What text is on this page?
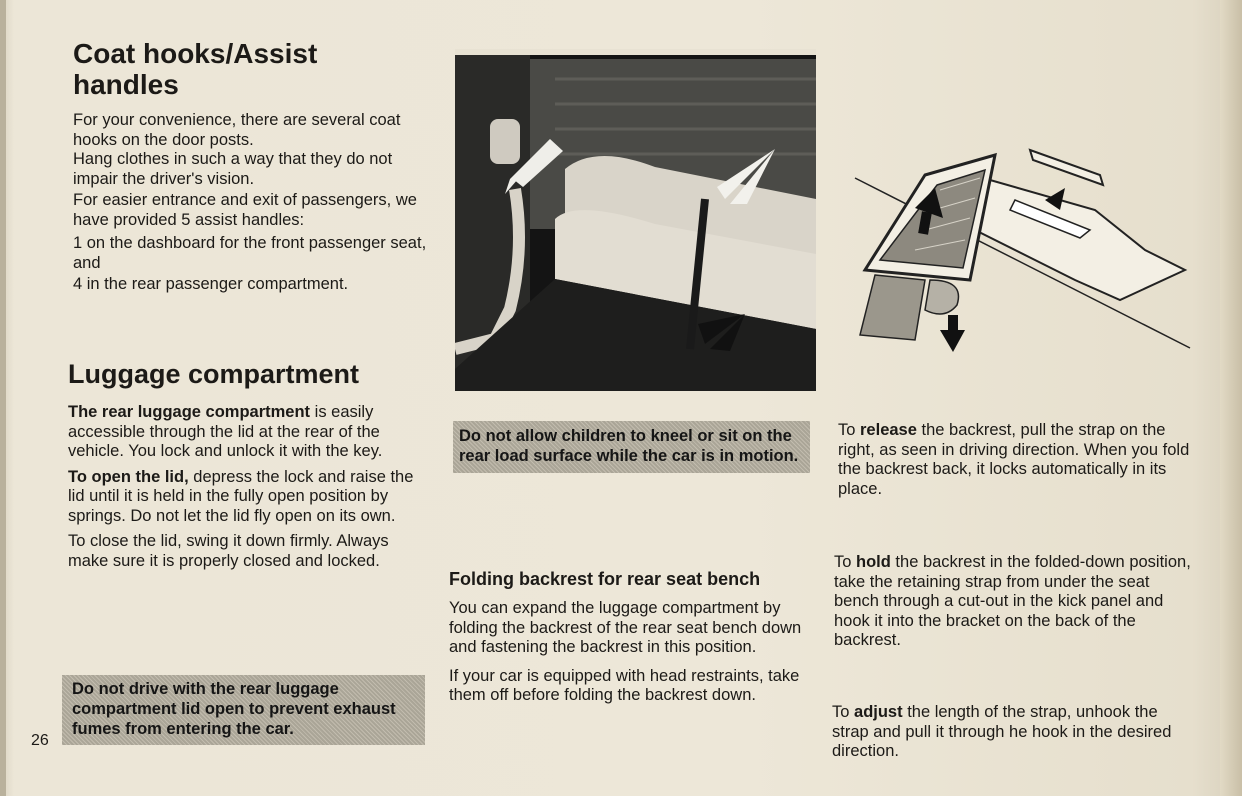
Coat hooks/Assist handles

For your convenience, there are several coat hooks on the door posts.

Hang clothes in such a way that they do not impair the driver's vision.

For easier entrance and exit of passengers, we have provided 5 assist handles:

1 on the dashboard for the front passenger seat, and

4 in the rear passenger compartment.

Luggage compartment

The rear luggage compartment is easily accessible through the lid at the rear of the vehicle. You lock and unlock it with the key.

To open the lid, depress the lock and raise the lid until it is held in the fully open position by springs. Do not let the lid fly open on its own.

To close the lid, swing it down firmly. Always make sure it is properly closed and locked.

Do not drive with the rear luggage compartment lid open to prevent exhaust fumes from entering the car.
26
Do not allow children to kneel or sit on the rear load surface while the car is in motion.
Folding backrest for rear seat bench

You can expand the luggage compartment by folding the backrest of the rear seat bench down and fastening the backrest in this position.

If your car is equipped with head restraints, take them off before folding the backrest down.

To release the backrest, pull the strap on the right, as seen in driving direction. When you fold the backrest back, it locks automatically in its place.

To hold the backrest in the folded-down position, take the retaining strap from under the seat bench through a cut-out in the kick panel and hook it into the bracket on the back of the backrest.

To adjust the length of the strap, unhook the strap and pull it through he hook in the desired direction.
